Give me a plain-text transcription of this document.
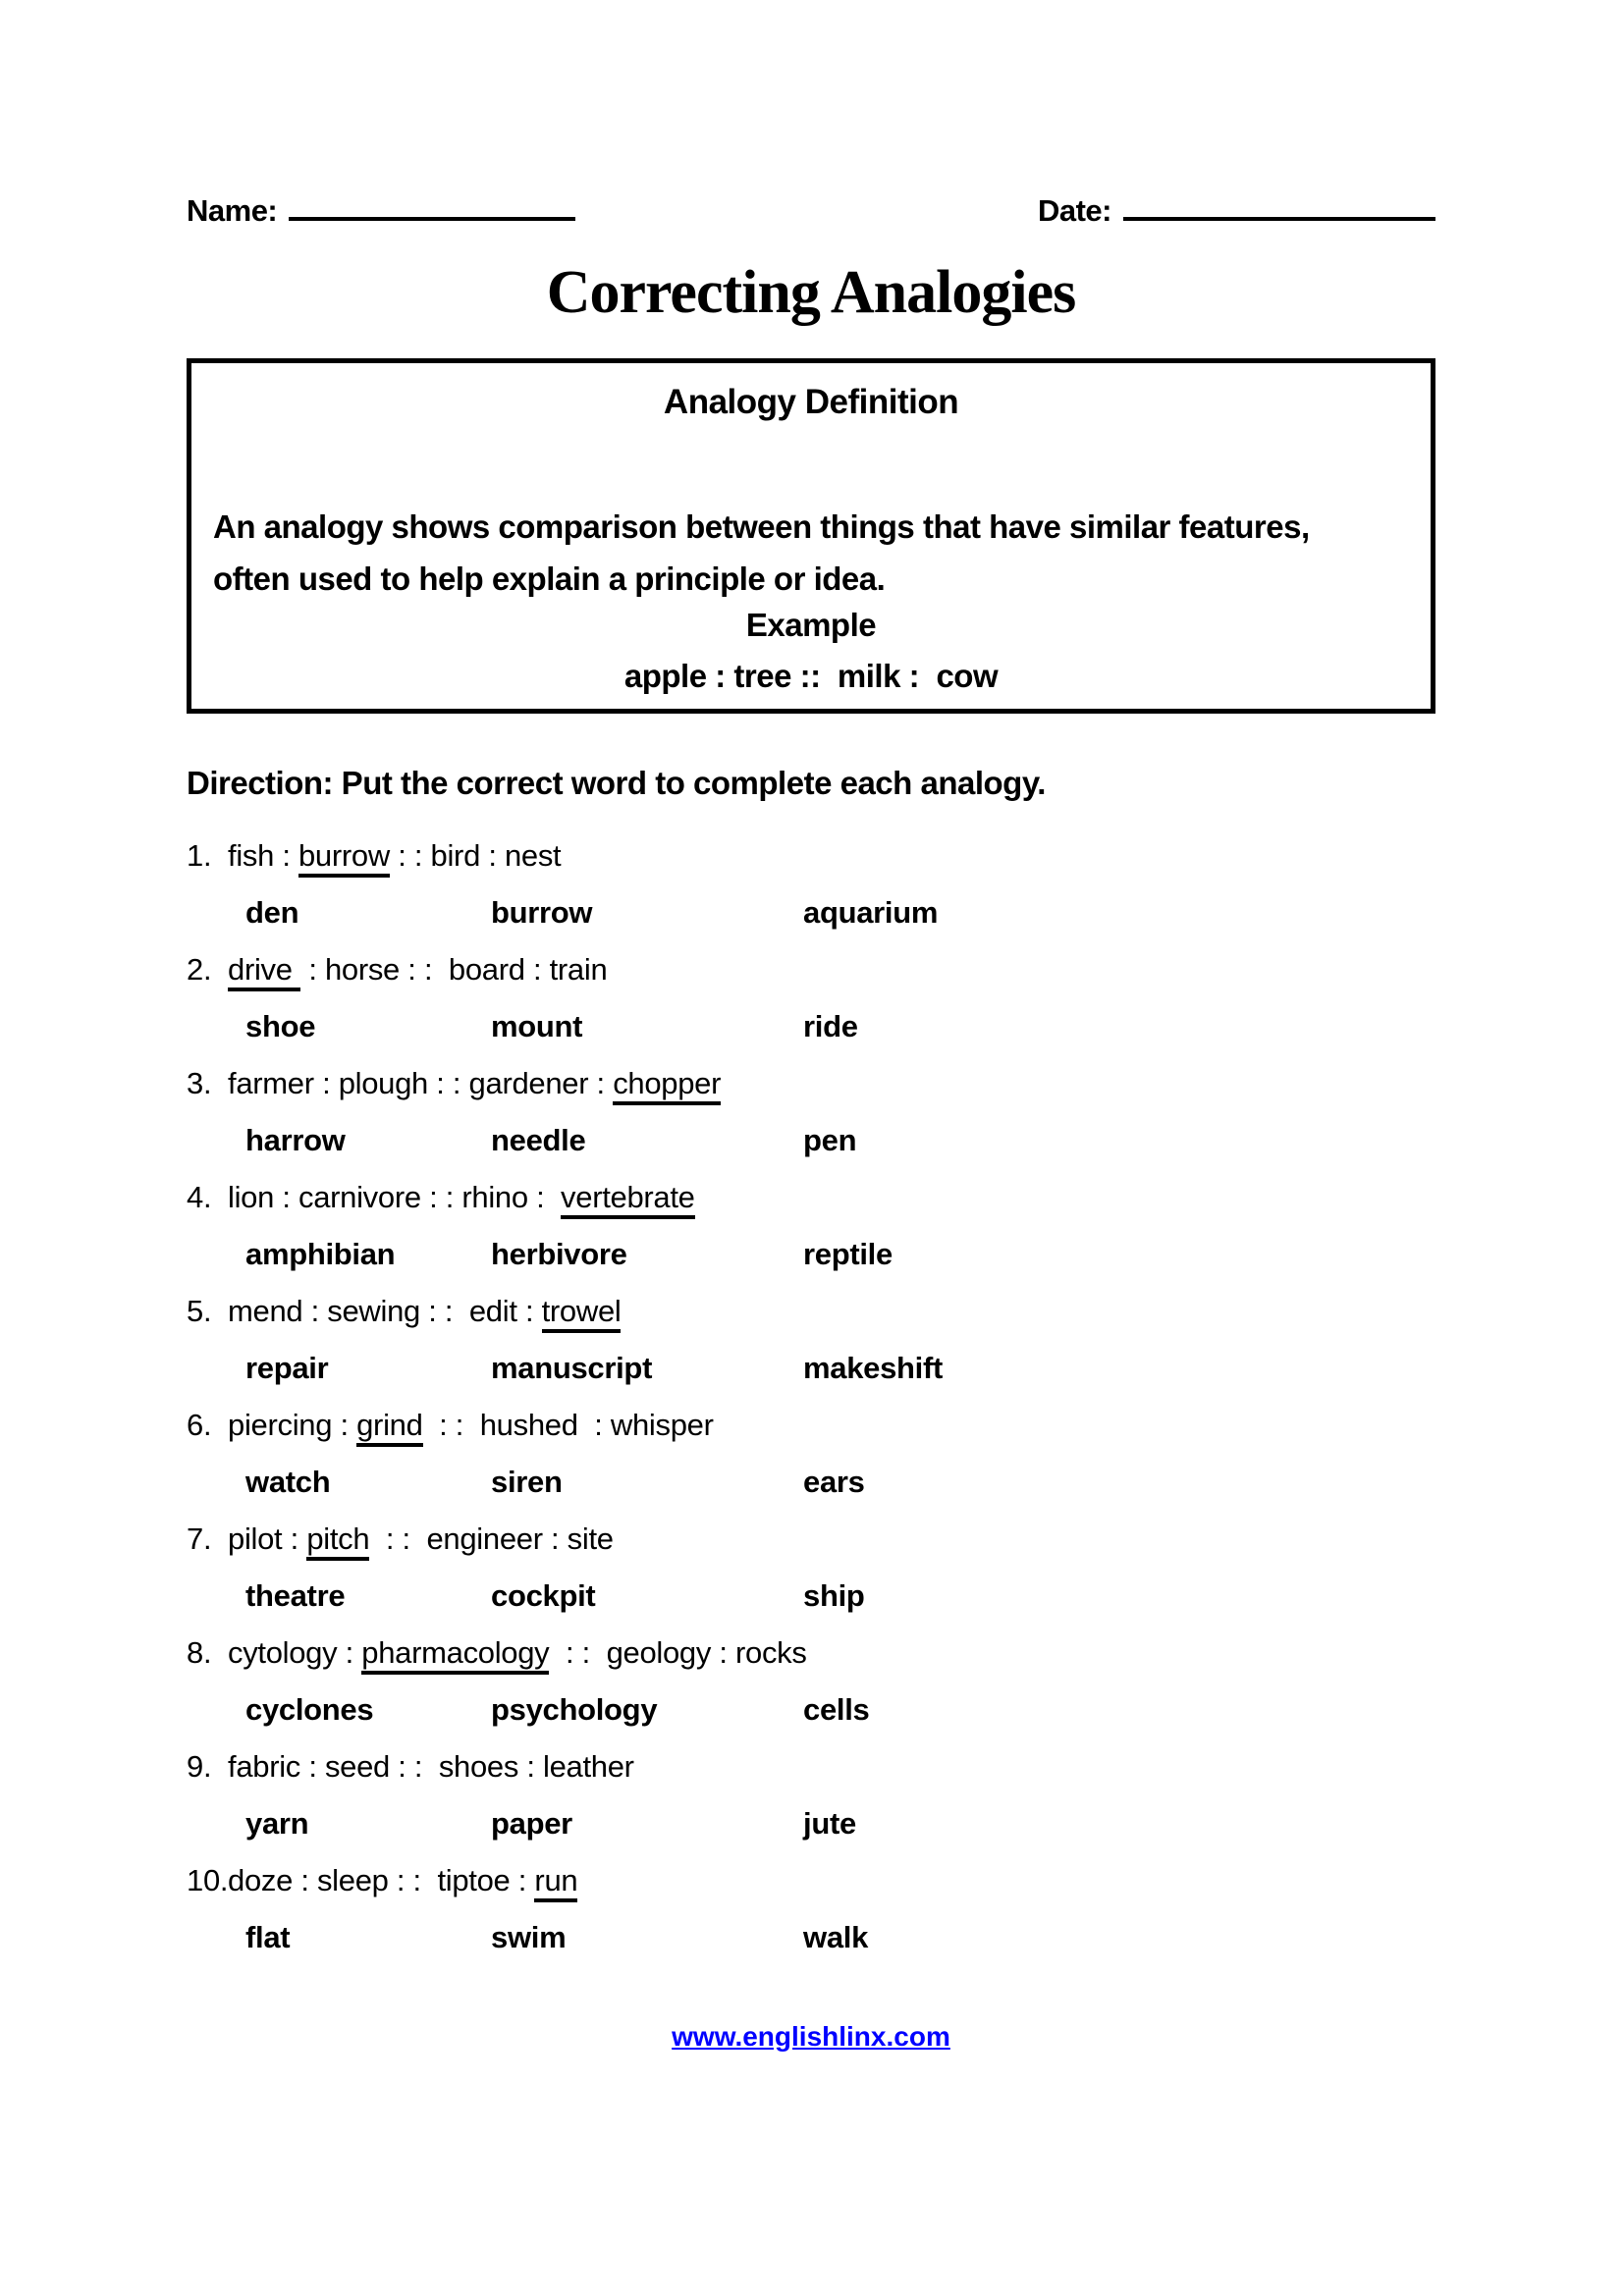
Name:	Date:
Correcting Analogies
Analogy Definition
An analogy shows comparison between things that have similar features,
often used to help explain a principle or idea.
Example
apple : tree ::  milk :  cow
Direction: Put the correct word to complete each analogy.
1. fish : burrow : : bird : nest
den	burrow	aquarium
2. drive  : horse : :  board : train
shoe	mount	ride
3. farmer : plough : : gardener : chopper
harrow	needle	pen
4. lion : carnivore : : rhino :  vertebrate
amphibian	herbivore	reptile
5. mend : sewing : :  edit : trowel
repair	manuscript	makeshift
6. piercing : grind  : :  hushed  : whisper
watch	siren	ears
7. pilot : pitch  : :  engineer : site
theatre	cockpit	ship
8. cytology : pharmacology  : :  geology : rocks
cyclones	psychology	cells
9. fabric : seed : :  shoes : leather
yarn	paper	jute
10.doze : sleep : :  tiptoe : run
flat	swim	walk
www.englishlinx.com
